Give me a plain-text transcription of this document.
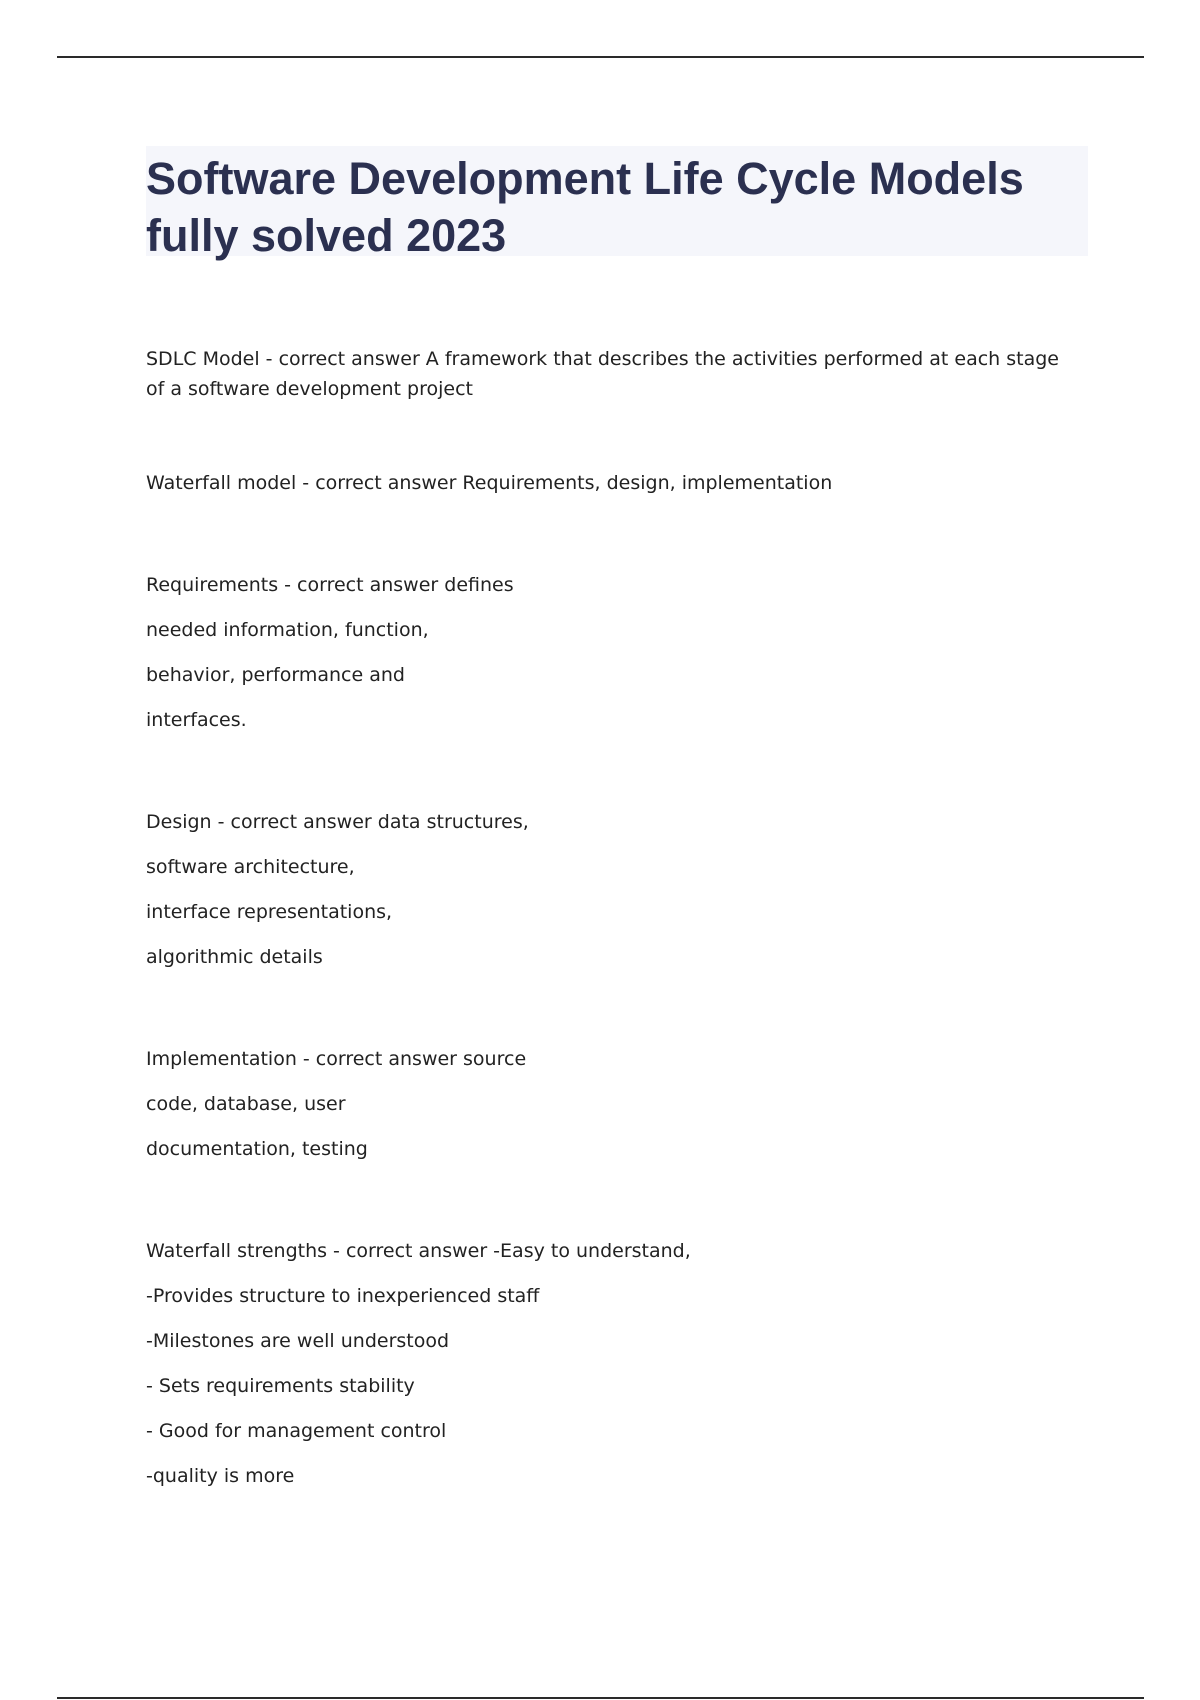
Software Development Life Cycle Models fully solved 2023
SDLC Model - correct answer A framework that describes the activities performed at each stage of a software development project
Waterfall model - correct answer Requirements, design, implementation
Requirements - correct answer defines
needed information, function,
behavior, performance and
interfaces.
Design - correct answer data structures,
software architecture,
interface representations,
algorithmic details
Implementation - correct answer source
code, database, user
documentation, testing
Waterfall strengths - correct answer -Easy to understand,
-Provides structure to inexperienced staff
-Milestones are well understood
- Sets requirements stability
- Good for management control
-quality is more
